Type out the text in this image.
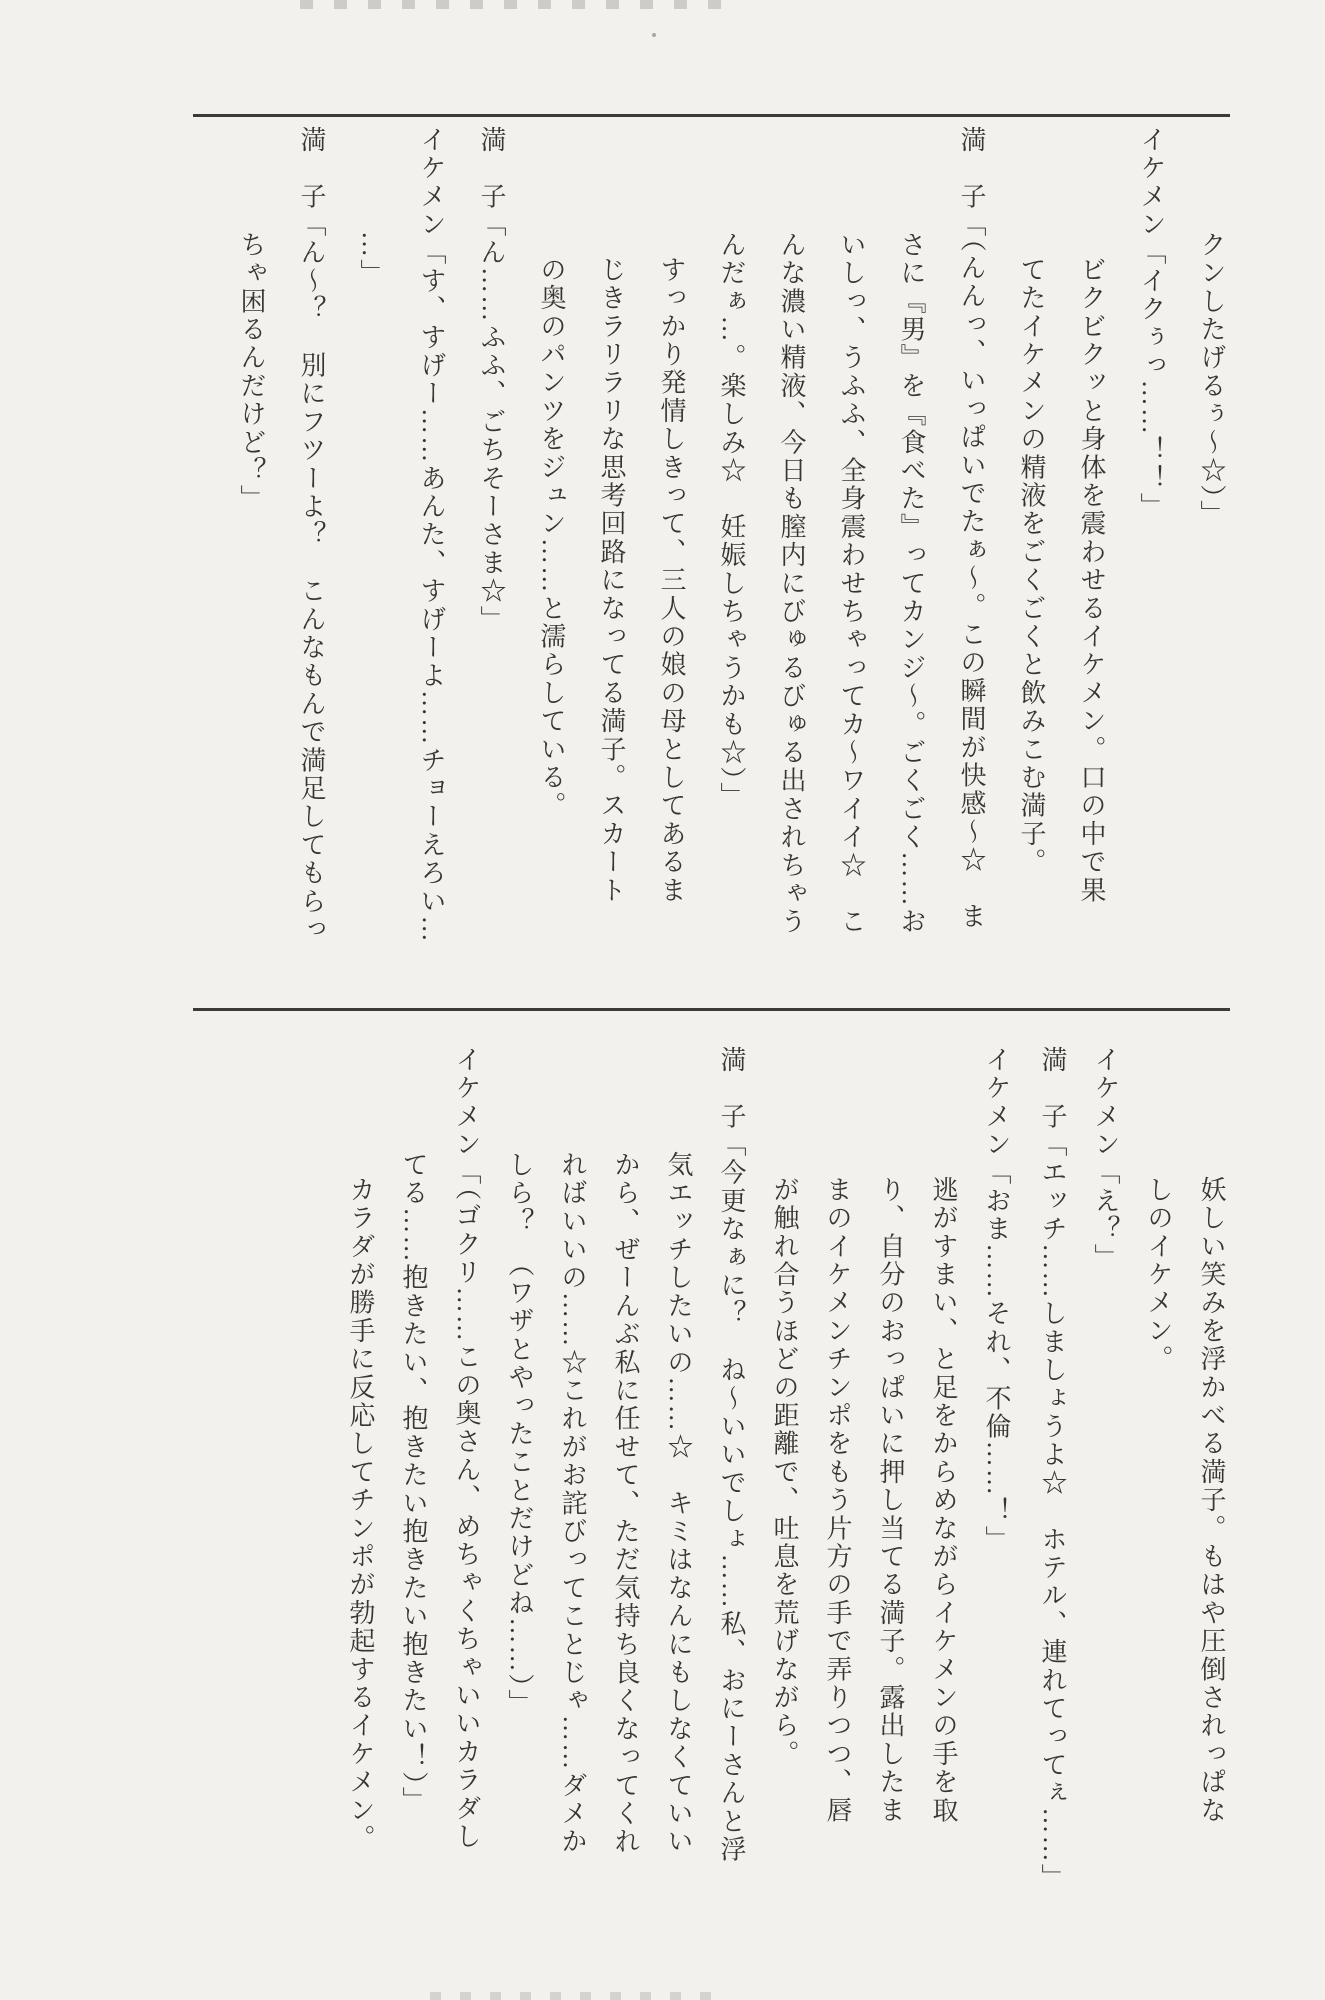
クンしたげるぅ～☆）」
イケメン「イクぅっ……！！」
ビクビクッと身体を震わせるイケメン。口の中で果
てたイケメンの精液をごくごくと飲みこむ満子。
満　子「（んんっ、いっぱいでたぁ～。この瞬間が快感～☆　ま
さに『男』を『食べた』ってカンジ～。ごくごく……お
いしっ、うふふ、全身震わせちゃってカ～ワイイ☆　こ
んな濃い精液、今日も膣内にびゅるびゅる出されちゃう
んだぁ…。楽しみ☆　妊娠しちゃうかも☆）」
すっかり発情しきって、三人の娘の母としてあるま
じきラリラリな思考回路になってる満子。スカート
の奥のパンツをジュン……と濡らしている。
満　子「ん……ふふ、ごちそーさま☆」
イケメン「す、すげー……あんた、すげーよ……チョーえろい…
…」
満　子「ん～？　別にフツーよ？　こんなもんで満足してもらっ
ちゃ困るんだけど？」
妖しい笑みを浮かべる満子。もはや圧倒されっぱな
しのイケメン。
イケメン「え？」
満　子「エッチ……しましょうよ☆　ホテル、連れてってぇ……」
イケメン「おま……それ、不倫……！」
逃がすまい、と足をからめながらイケメンの手を取
り、自分のおっぱいに押し当てる満子。露出したま
まのイケメンチンポをもう片方の手で弄りつつ、唇
が触れ合うほどの距離で、吐息を荒げながら。
満　子「今更なぁに？　ね～いいでしょ……私、おにーさんと浮
気エッチしたいの……☆　キミはなんにもしなくていい
から、ぜーんぶ私に任せて、ただ気持ち良くなってくれ
ればいいの……☆これがお詫びってことじゃ……ダメか
しら？　（ワザとやったことだけどね……）」
イケメン「（ゴクリ……この奥さん、めちゃくちゃいいカラダし
てる……抱きたい、抱きたい抱きたい抱きたい！）」
カラダが勝手に反応してチンポが勃起するイケメン。
